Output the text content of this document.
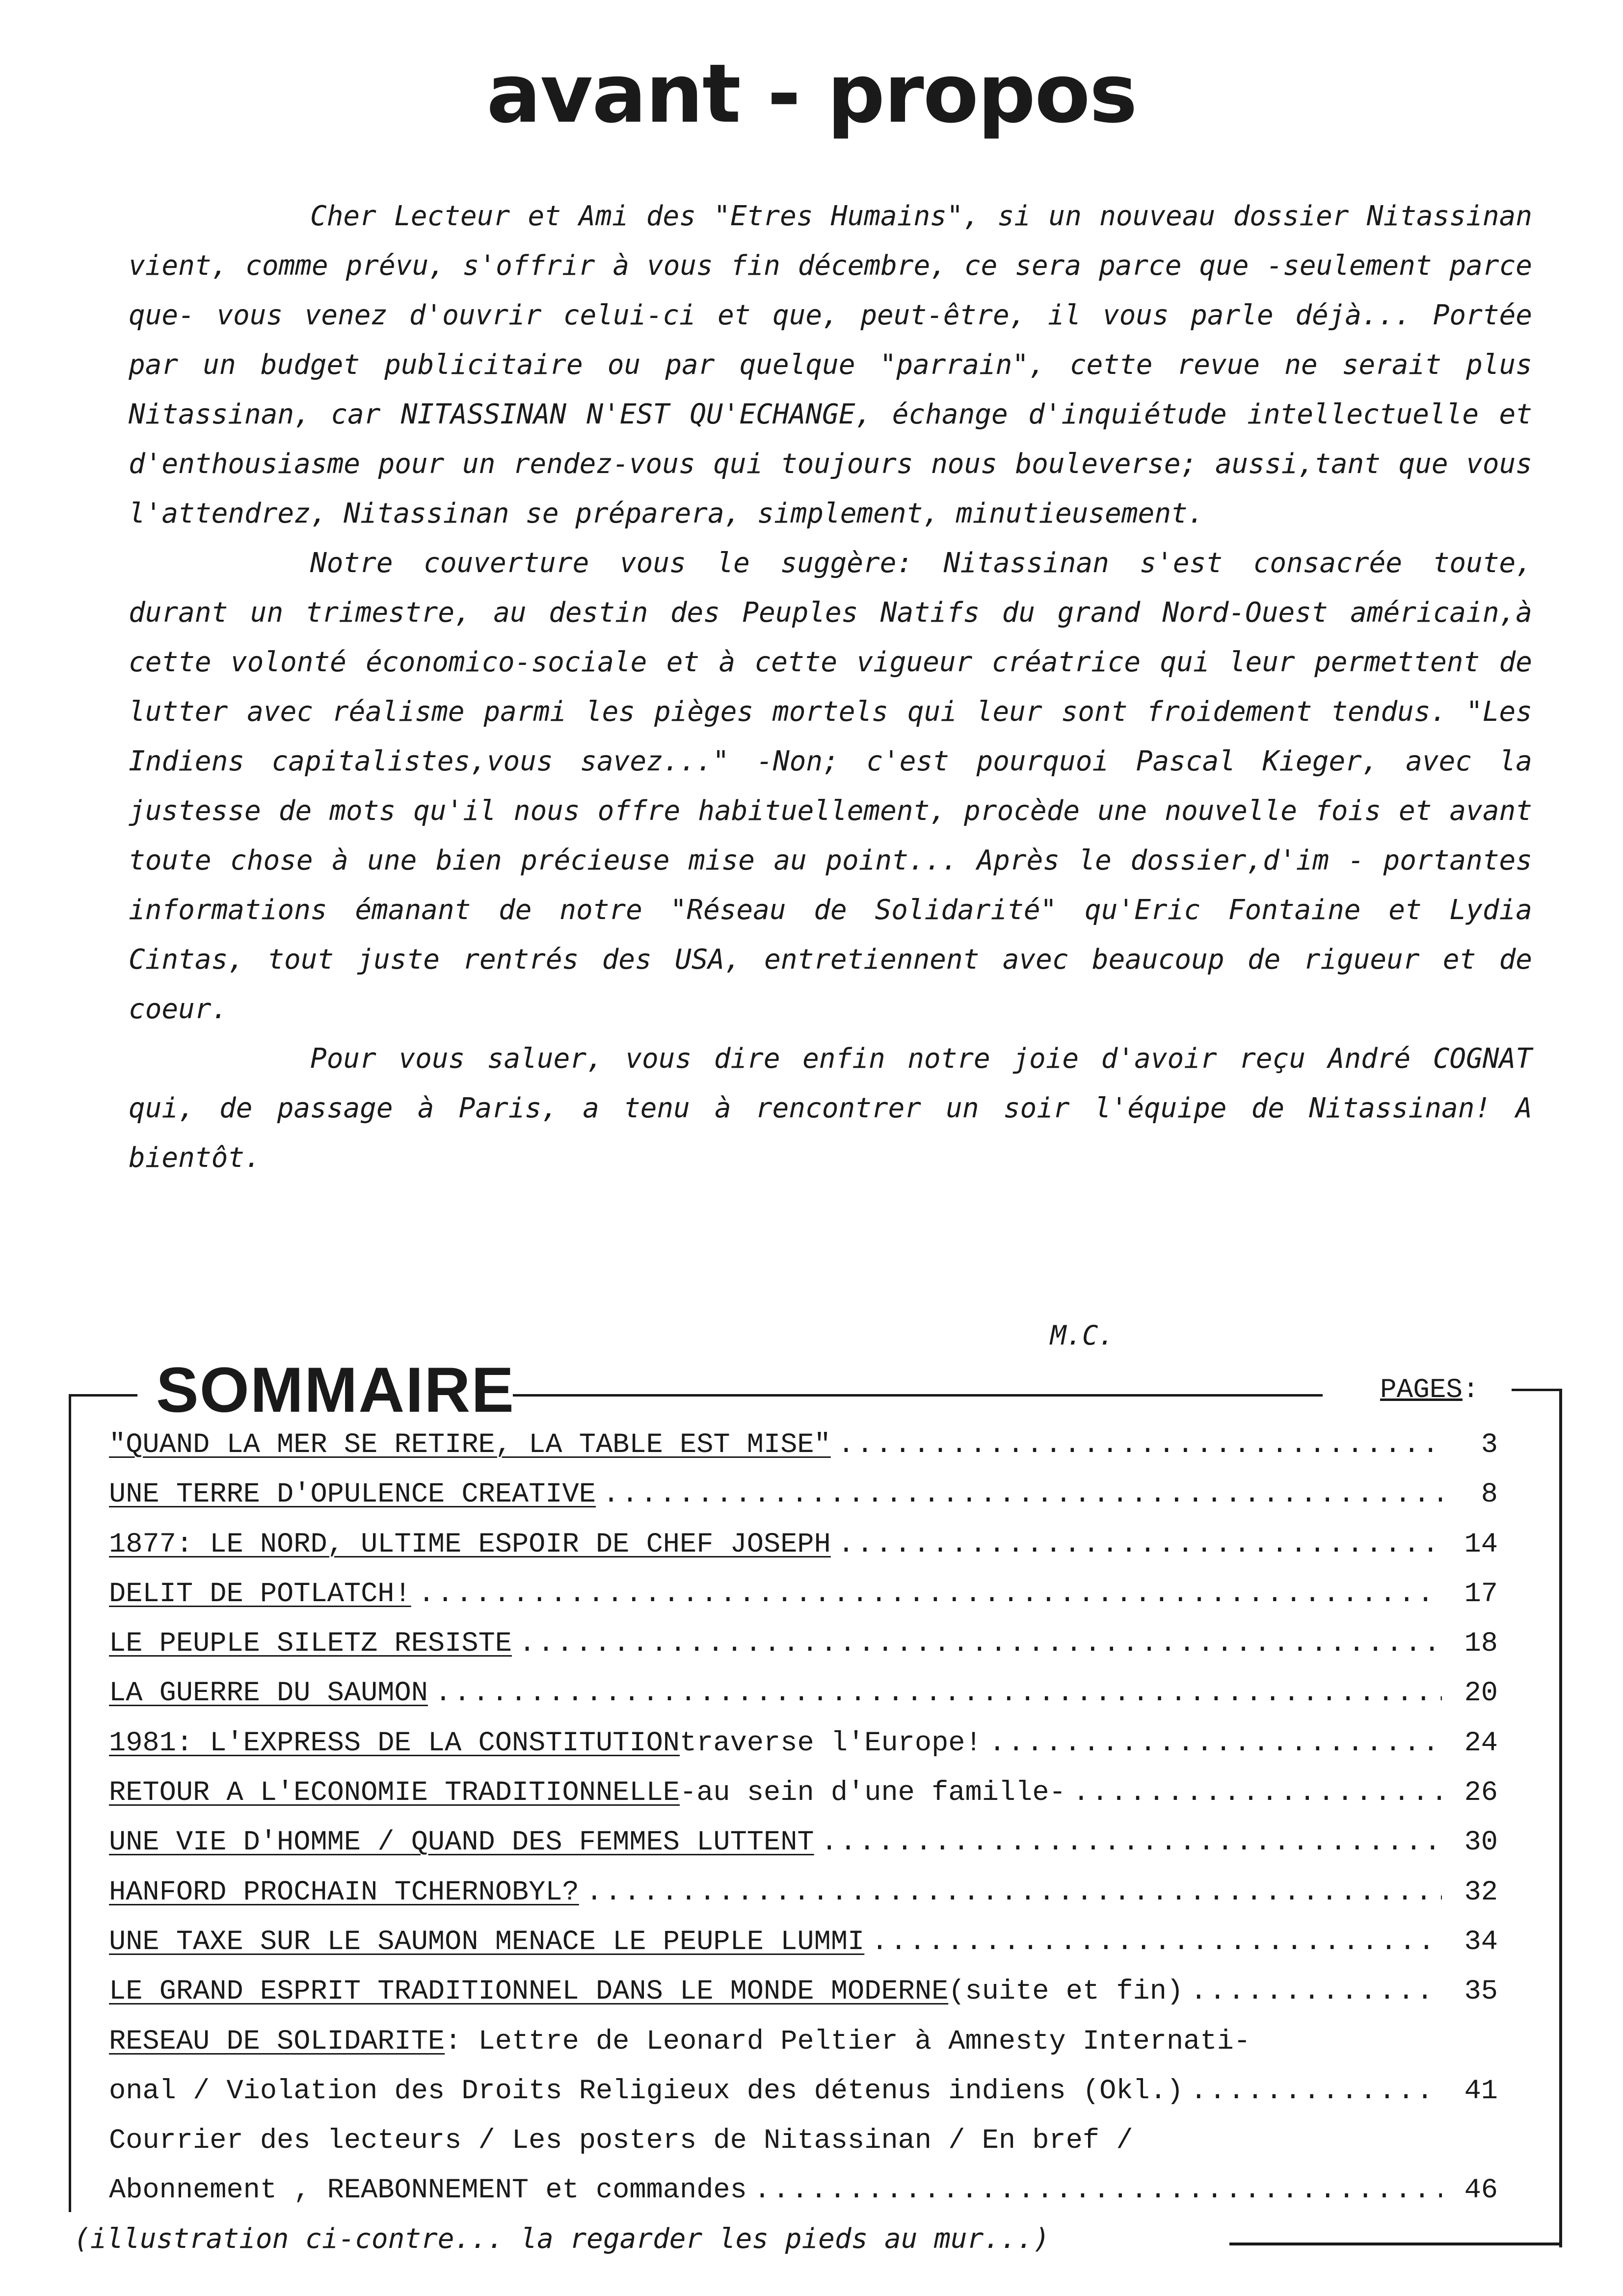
avant - propos

Cher Lecteur et Ami des "Etres Humains", si un nouveau dossier Nitassinan vient, comme prévu, s'offrir à vous fin décembre, ce sera parce que -seulement parce que- vous venez d'ouvrir celui-ci et que, peut-être, il vous parle déjà... Portée par un budget publicitaire ou par quelque "parrain", cette revue ne serait plus Nitassinan, car NITASSINAN N'EST QU'ECHANGE, échange d'inquiétude intellectuelle et d'enthousiasme pour un rendez-vous qui toujours nous bouleverse; aussi,tant que vous l'attendrez, Nitassinan se préparera, simplement, minutieusement.

Notre couverture vous le suggère: Nitassinan s'est consacrée toute, durant un trimestre, au destin des Peuples Natifs du grand Nord-Ouest américain,à cette volonté économico-sociale et à cette vigueur créatrice qui leur permettent de lutter avec réalisme parmi les pièges mortels qui leur sont froidement tendus. "Les Indiens capitalistes,vous savez..." -Non; c'est pourquoi Pascal Kieger, avec la justesse de mots qu'il nous offre habituellement, procède une nouvelle fois et avant toute chose à une bien précieuse mise au point... Après le dossier,d'im - portantes informations émanant de notre "Réseau de Solidarité" qu'Eric Fontaine et Lydia Cintas, tout juste rentrés des USA, entretiennent avec beaucoup de rigueur et de coeur.

Pour vous saluer, vous dire enfin notre joie d'avoir reçu André COGNAT qui, de passage à Paris, a tenu à rencontrer un soir l'équipe de Nitassinan! A bientôt.

M.C.
SOMMAIRE	PAGES:
"QUAND LA MER SE RETIRE, LA TABLE EST MISE" . . .	3
UNE TERRE D'OPULENCE CREATIVE . . .	8
1877: LE NORD, ULTIME ESPOIR DE CHEF JOSEPH . . .	14
DELIT DE POTLATCH! . . .	17
LE PEUPLE SILETZ RESISTE . . .	18
LA GUERRE DU SAUMON . . .	20
1981: L'EXPRESS DE LA CONSTITUTION traverse l'Europe! . . .	24
RETOUR A L'ECONOMIE TRADITIONNELLE -au sein d'une famille- . . .	26
UNE VIE D'HOMME / QUAND DES FEMMES LUTTENT . . .	30
HANFORD PROCHAIN TCHERNOBYL? . . .	32
UNE TAXE SUR LE SAUMON MENACE LE PEUPLE LUMMI . . .	34
LE GRAND ESPRIT TRADITIONNEL DANS LE MONDE MODERNE (suite et fin) . . .	35
RESEAU DE SOLIDARITE : Lettre de Leonard Peltier à Amnesty Internati-
onal / Violation des Droits Religieux des détenus indiens (Okl.) . . .	41
Courrier des lecteurs / Les posters de Nitassinan / En bref /
Abonnement , REABONNEMENT et commandes . . .	46
(illustration ci-contre... la regarder les pieds au mur...)
